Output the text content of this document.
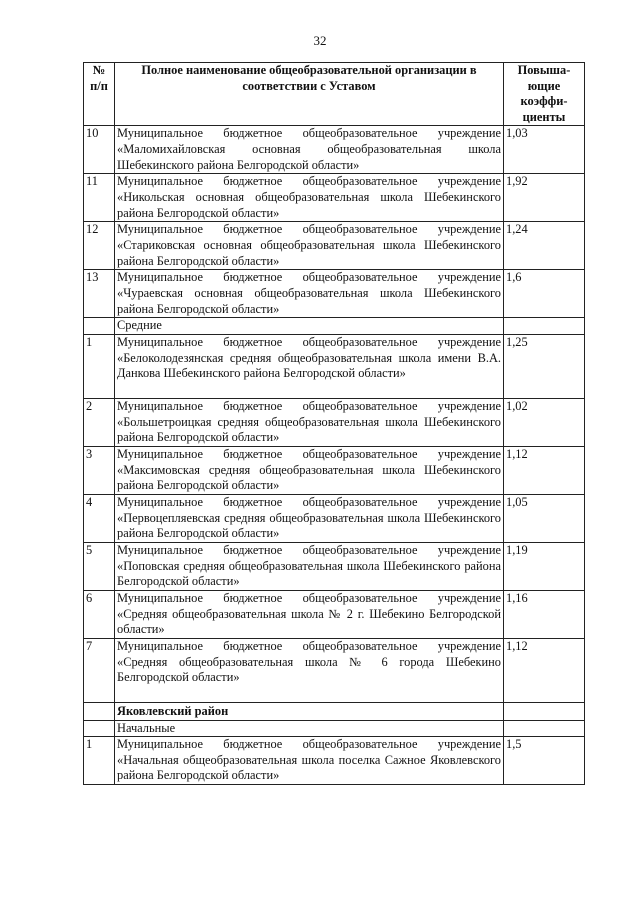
32
№ п/п	Полное наименование общеобразовательной организации в соответствии с Уставом	Повыша-ющие коэффи-циенты
10	Муниципальное бюджетное общеобразовательное учреждение «Маломихайловская основная общеобразовательная школа Шебекинского района Белгородской области»	1,03
11	Муниципальное бюджетное общеобразовательное учреждение «Никольская основная общеобразовательная школа Шебекинского района Белгородской области»	1,92
12	Муниципальное бюджетное общеобразовательное учреждение «Стариковская основная общеобразовательная школа Шебекинского района Белгородской области»	1,24
13	Муниципальное бюджетное общеобразовательное учреждение «Чураевская основная общеобразовательная школа Шебекинского района Белгородской области»	1,6
	Средние	
1	Муниципальное бюджетное общеобразовательное учреждение «Белоколодезянская средняя общеобразовательная школа имени В.А. Данкова Шебекинского района Белгородской области»	1,25
2	Муниципальное бюджетное общеобразовательное учреждение «Большетроицкая средняя общеобразовательная школа Шебекинского района Белгородской области»	1,02
3	Муниципальное бюджетное общеобразовательное учреждение «Максимовская средняя общеобразовательная школа Шебекинского района Белгородской области»	1,12
4	Муниципальное бюджетное общеобразовательное учреждение «Первоцепляевская средняя общеобразовательная школа Шебекинского района Белгородской области»	1,05
5	Муниципальное бюджетное общеобразовательное учреждение «Поповская средняя общеобразовательная школа Шебекинского района Белгородской области»	1,19
6	Муниципальное бюджетное общеобразовательное учреждение «Средняя общеобразовательная школа № 2 г. Шебекино Белгородской области»	1,16
7	Муниципальное бюджетное общеобразовательное учреждение «Средняя общеобразовательная школа № 6 города Шебекино Белгородской области»	1,12
	Яковлевский район	
	Начальные	
1	Муниципальное бюджетное общеобразовательное учреждение «Начальная общеобразовательная школа поселка Сажное Яковлевского района Белгородской области»	1,5
